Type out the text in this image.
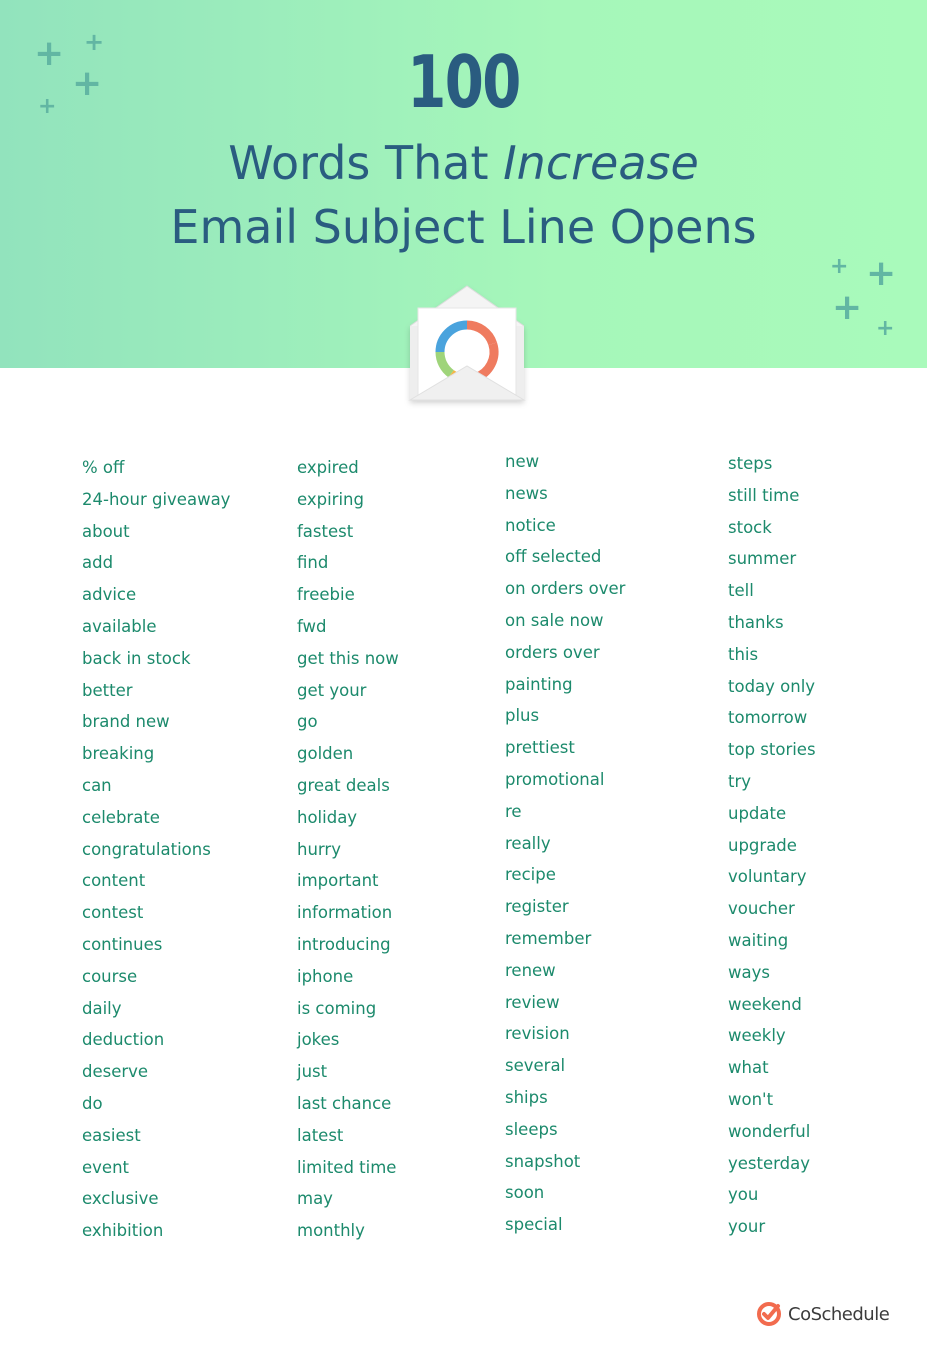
+ +
+
+
+ +
+
+
100
Words That Increase
Email Subject Line Opens
% off
24-hour giveaway
about
add
advice
available
back in stock
better
brand new
breaking
can
celebrate
congratulations
content
contest
continues
course
daily
deduction
deserve
do
easiest
event
exclusive
exhibition
expired
expiring
fastest
find
freebie
fwd
get this now
get your
go
golden
great deals
holiday
hurry
important
information
introducing
iphone
is coming
jokes
just
last chance
latest
limited time
may
monthly
new
news
notice
off selected
on orders over
on sale now
orders over
painting
plus
prettiest
promotional
re
really
recipe
register
remember
renew
review
revision
several
ships
sleeps
snapshot
soon
special
steps
still time
stock
summer
tell
thanks
this
today only
tomorrow
top stories
try
update
upgrade
voluntary
voucher
waiting
ways
weekend
weekly
what
won't
wonderful
yesterday
you
your
CoSchedule
